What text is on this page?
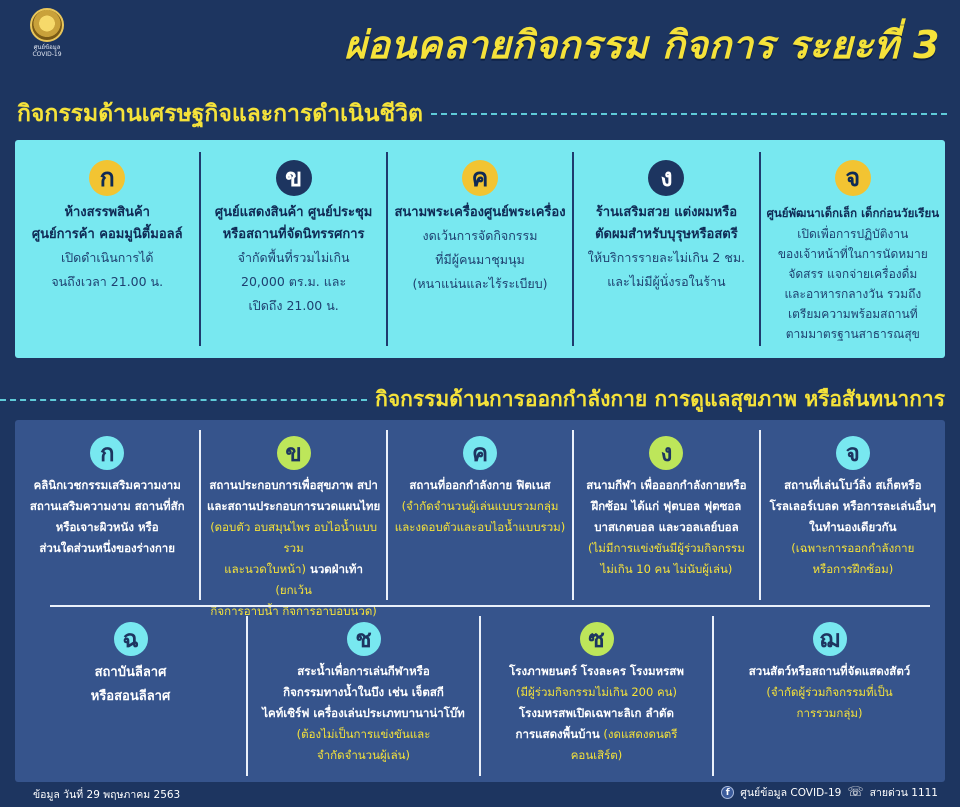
ศูนย์ข้อมูล
COVID-19	ผ่อนคลายกิจกรรม กิจการ ระยะที่ 3
กิจกรรมด้านเศรษฐกิจและการดำเนินชีวิต
ก
ห้างสรรพสินค้า
ศูนย์การค้า คอมมูนิตี้มอลล์
เปิดดำเนินการได้
จนถึงเวลา 21.00 น.
ข
ศูนย์แสดงสินค้า ศูนย์ประชุม
หรือสถานที่จัดนิทรรศการ
จำกัดพื้นที่รวมไม่เกิน
20,000 ตร.ม. และ
เปิดถึง 21.00 น.
ค
สนามพระเครื่องศูนย์พระเครื่อง
งดเว้นการจัดกิจกรรม
ที่มีผู้คนมาชุมนุม
(หนาแน่นและไร้ระเบียบ)
ง
ร้านเสริมสวย แต่งผมหรือ
ตัดผมสำหรับบุรุษหรือสตรี
ให้บริการรายละไม่เกิน 2 ชม.
และไม่มีผู้นั่งรอในร้าน
จ
ศูนย์พัฒนาเด็กเล็ก เด็กก่อนวัยเรียน
เปิดเพื่อการปฏิบัติงาน
ของเจ้าหน้าที่ในการนัดหมาย
จัดสรร แจกจ่ายเครื่องดื่ม
และอาหารกลางวัน รวมถึง
เตรียมความพร้อมสถานที่
ตามมาตรฐานสาธารณสุข
กิจกรรมด้านการออกกำลังกาย การดูแลสุขภาพ หรือสันทนาการ
ก
คลินิกเวชกรรมเสริมความงาม
สถานเสริมความงาม สถานที่สัก
หรือเจาะผิวหนัง หรือ
ส่วนใดส่วนหนึ่งของร่างกาย
ข
สถานประกอบการเพื่อสุขภาพ สปา
และสถานประกอบการนวดแผนไทย
(ดอบตัว อบสมุนไพร อบไอน้ำแบบรวม
และนวดใบหน้า) นวดฝ่าเท้า (ยกเว้น
กิจการอาบน้ำ กิจการอาบอบนวด)
ค
สถานที่ออกกำลังกาย ฟิตเนส
(จำกัดจำนวนผู้เล่นแบบรวมกลุ่ม
และงดอบตัวและอบไอน้ำแบบรวม)
ง
สนามกีฬา เพื่อออกกำลังกายหรือ
ฝึกซ้อม ได้แก่ ฟุตบอล ฟุตซอล
บาสเกตบอล และวอลเลย์บอล
(ไม่มีการแข่งขันมีผู้ร่วมกิจกรรม
ไม่เกิน 10 คน ไม่นับผู้เล่น)
จ
สถานที่เล่นโบว์ลิ่ง สเก็ตหรือ
โรลเลอร์เบลด หรือการละเล่นอื่นๆ
ในทำนองเดียวกัน
(เฉพาะการออกกำลังกาย
หรือการฝึกซ้อม)
ฉ
สถาบันลีลาศ
หรือสอนลีลาศ
ช
สระน้ำเพื่อการเล่นกีฬาหรือ
กิจกรรมทางน้ำในบึง เช่น เจ็ตสกี
ไคท์เซิร์ฟ เครื่องเล่นประเภทบานาน่าโบ๊ท
(ต้องไม่เป็นการแข่งขันและ
จำกัดจำนวนผู้เล่น)
ซ
โรงภาพยนตร์ โรงละคร โรงมหรสพ
(มีผู้ร่วมกิจกรรมไม่เกิน 200 คน)
โรงมหรสพเปิดเฉพาะลิเก ลำตัด
การแสดงพื้นบ้าน (งดแสดงดนตรี
คอนเสิร์ต)
ฌ
สวนสัตว์หรือสถานที่จัดแสดงสัตว์
(จำกัดผู้ร่วมกิจกรรมที่เป็น
การรวมกลุ่ม)
ข้อมูล วันที่ 29 พฤษภาคม 2563	f	ศูนย์ข้อมูล COVID-19 ☏ สายด่วน 1111
